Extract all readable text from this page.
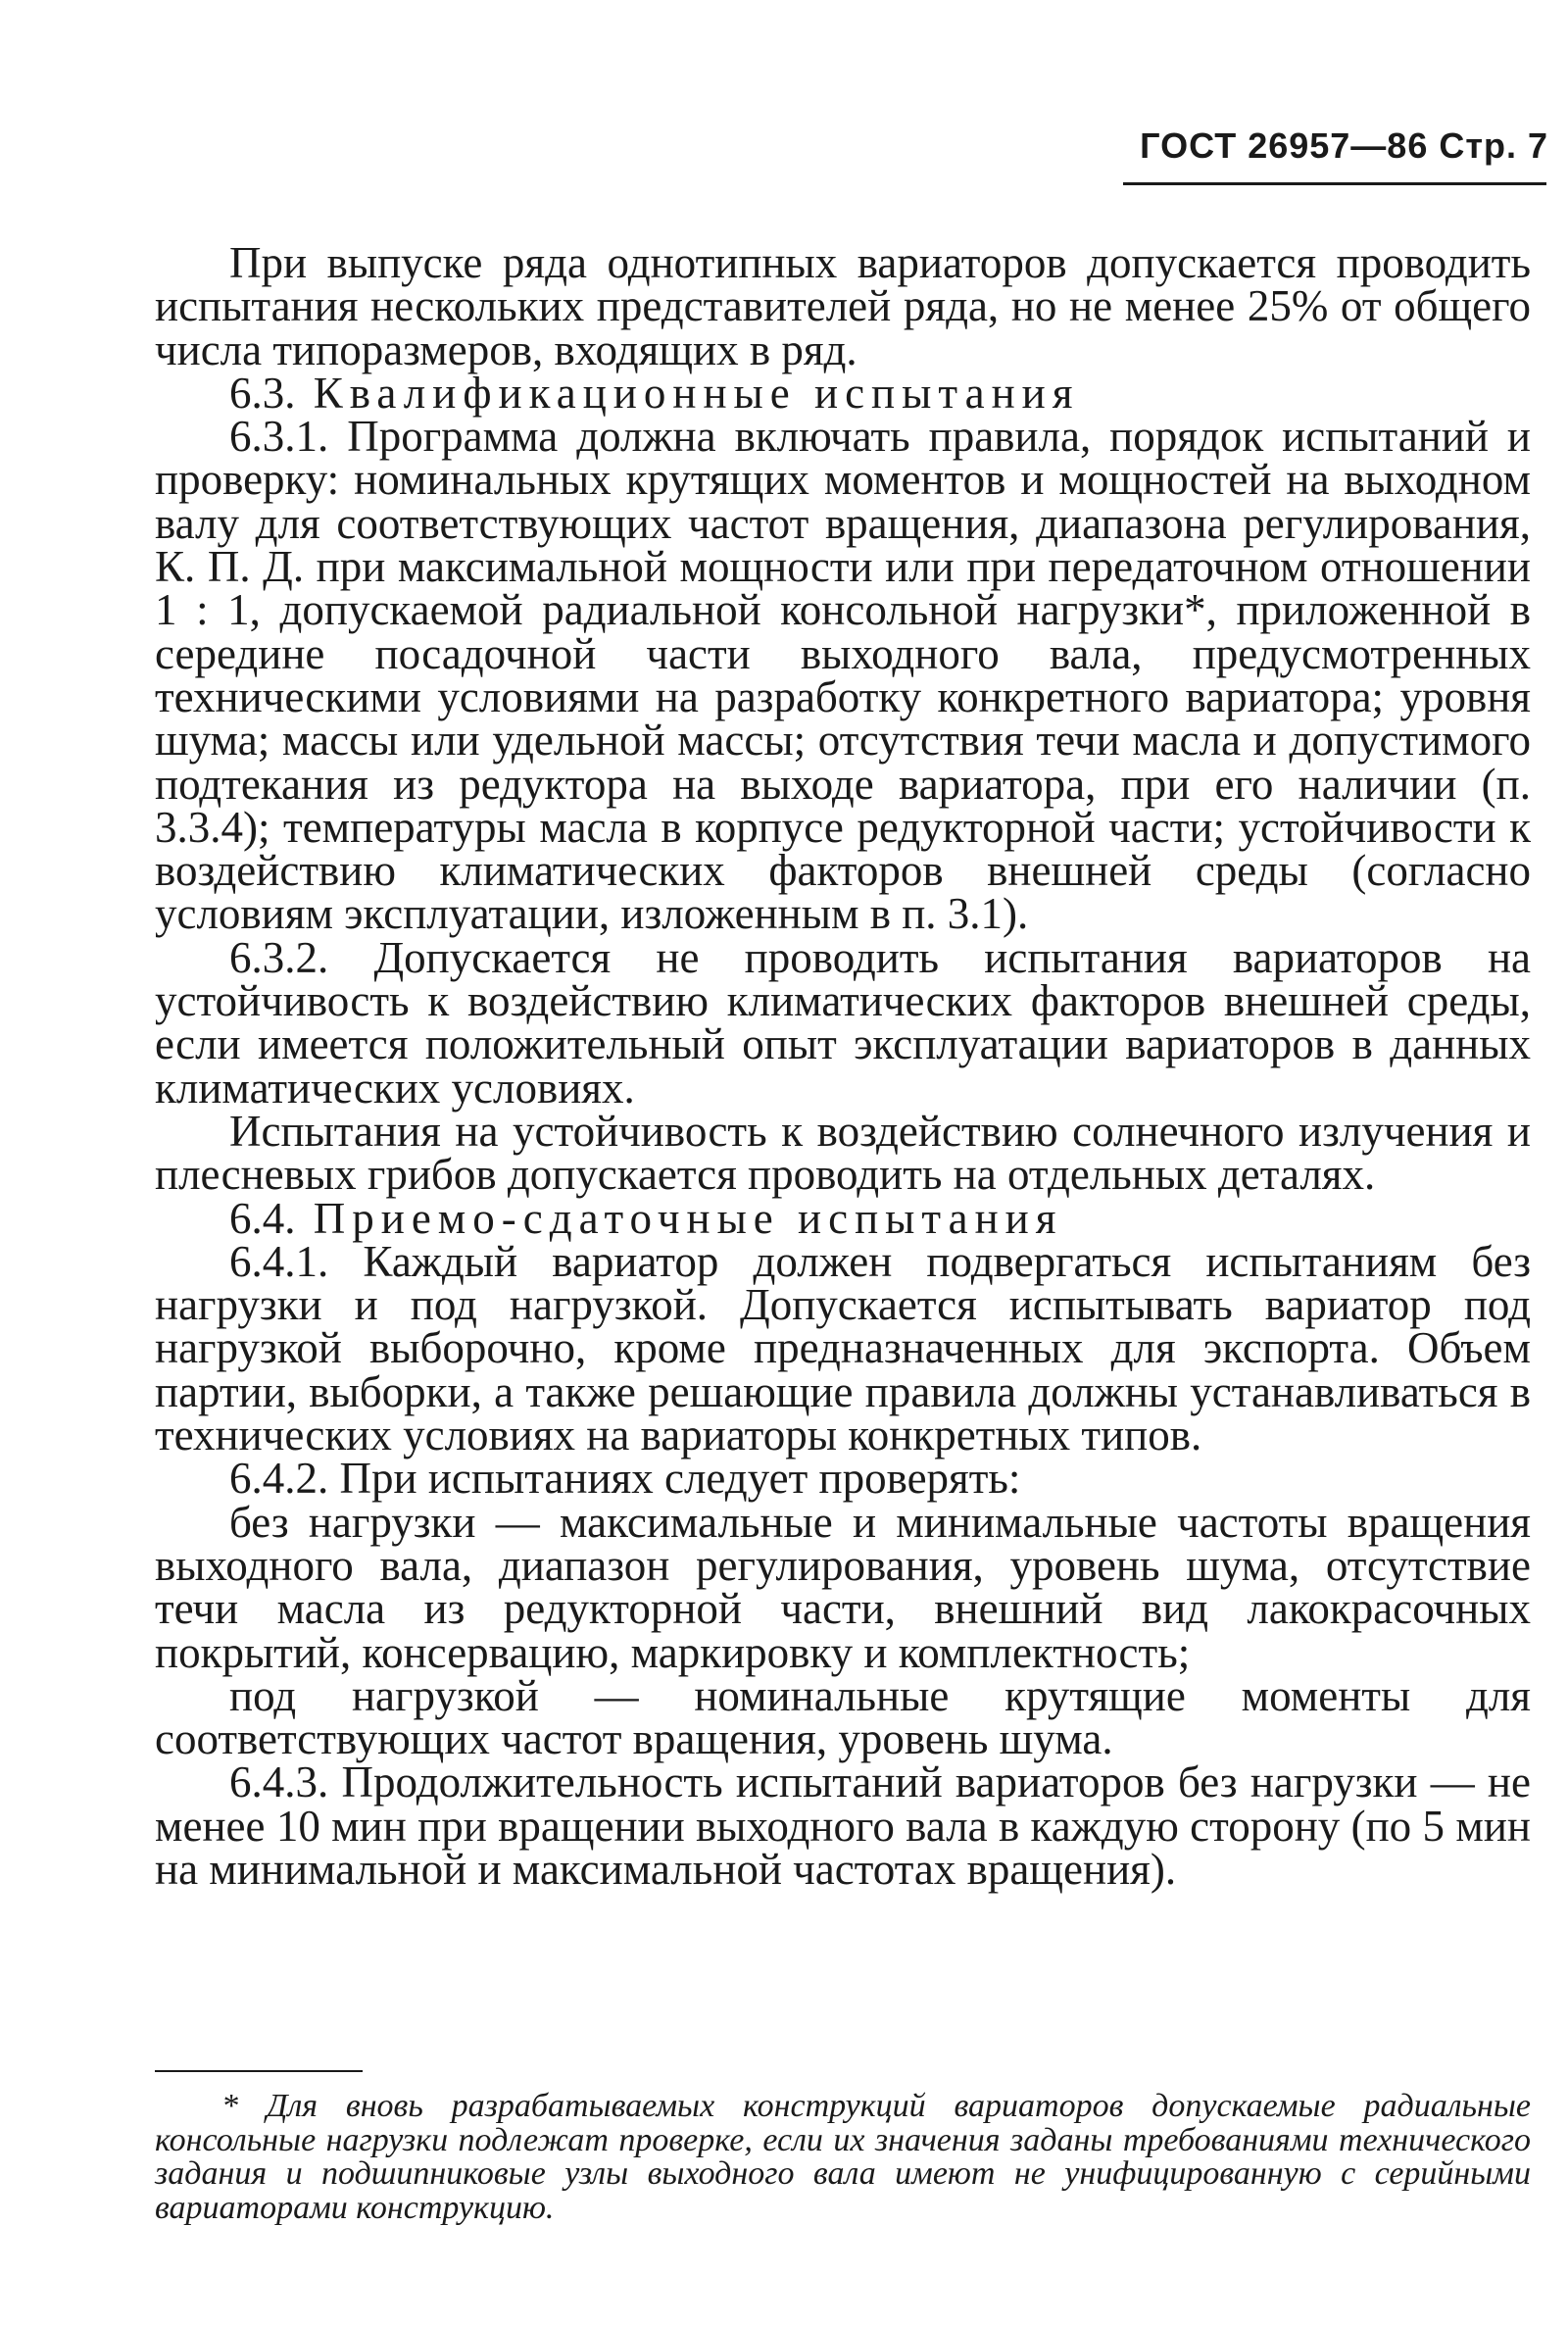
ГОСТ 26957—86 Стр. 7

При выпуске ряда однотипных вариаторов допускается проводить испытания нескольких представителей ряда, но не менее 25% от общего числа типоразмеров, входящих в ряд.

6.3. Квалификационные испытания

6.3.1. Программа должна включать правила, порядок испытаний и проверку: номинальных крутящих моментов и мощностей на выходном валу для соответствующих частот вращения, диапазона регулирования, К. П. Д. при максимальной мощности или при передаточном отношении 1 : 1, допускаемой радиальной консольной нагрузки*, приложенной в середине посадочной части выходного вала, предусмотренных техническими условиями на разработку конкретного вариатора; уровня шума; массы или удельной массы; отсутствия течи масла и допустимого подтекания из редуктора на выходе вариатора, при его наличии (п. 3.3.4); температуры масла в корпусе редукторной части; устойчивости к воздействию климатических факторов внешней среды (согласно условиям эксплуатации, изложенным в п. 3.1).

6.3.2. Допускается не проводить испытания вариаторов на устойчивость к воздействию климатических факторов внешней среды, если имеется положительный опыт эксплуатации вариаторов в данных климатических условиях.

Испытания на устойчивость к воздействию солнечного излучения и плесневых грибов допускается проводить на отдельных деталях.

6.4. Приемо-сдаточные испытания

6.4.1. Каждый вариатор должен подвергаться испытаниям без нагрузки и под нагрузкой. Допускается испытывать вариатор под нагрузкой выборочно, кроме предназначенных для экспорта. Объем партии, выборки, а также решающие правила должны устанавливаться в технических условиях на вариаторы конкретных типов.

6.4.2. При испытаниях следует проверять:

без нагрузки — максимальные и минимальные частоты вращения выходного вала, диапазон регулирования, уровень шума, отсутствие течи масла из редукторной части, внешний вид лакокрасочных покрытий, консервацию, маркировку и комплектность;

под нагрузкой — номинальные крутящие моменты для соответствующих частот вращения, уровень шума.

6.4.3. Продолжительность испытаний вариаторов без нагрузки — не менее 10 мин при вращении выходного вала в каждую сторону (по 5 мин на минимальной и максимальной частотах вращения).

* Для вновь разрабатываемых конструкций вариаторов допускаемые радиальные консольные нагрузки подлежат проверке, если их значения заданы требованиями технического задания и подшипниковые узлы выходного вала имеют не унифицированную с серийными вариаторами конструкцию.
